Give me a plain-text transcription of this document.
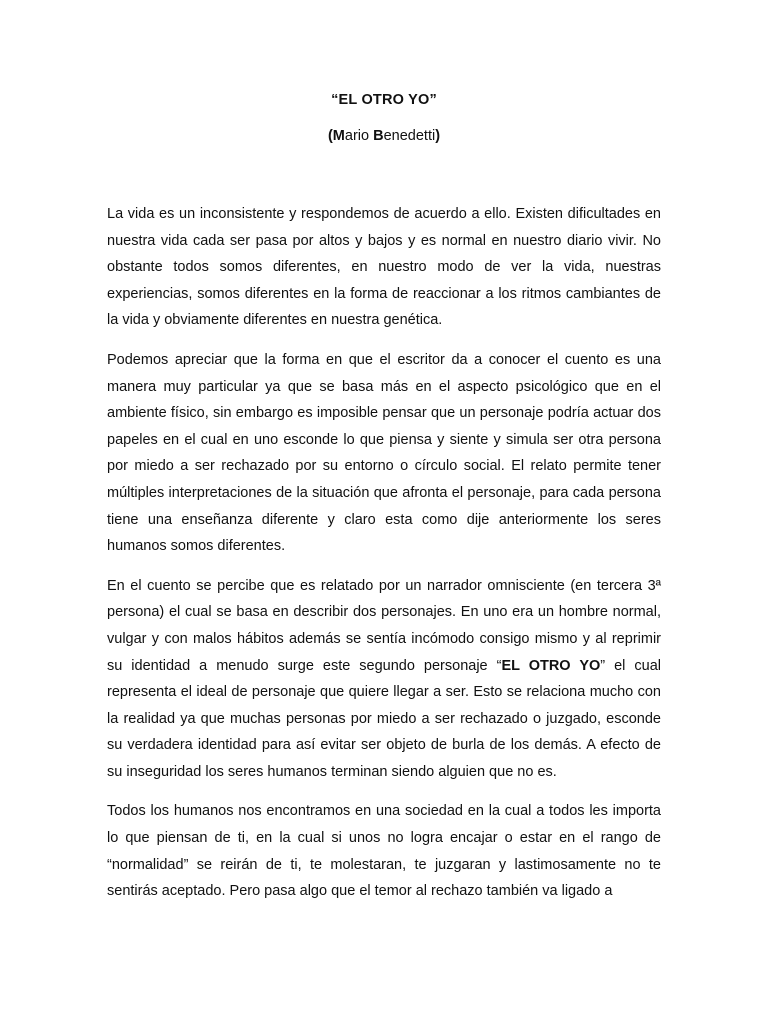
“EL OTRO YO”
(Mario Benedetti)

La vida es un inconsistente y respondemos de acuerdo a ello. Existen dificultades en nuestra vida cada ser pasa por altos y bajos y es normal en nuestro diario vivir. No obstante todos somos diferentes, en nuestro modo de ver la vida, nuestras experiencias, somos diferentes en la forma de reaccionar a los ritmos cambiantes de la vida y obviamente diferentes en nuestra genética.

Podemos apreciar que la forma en que el escritor da a conocer el cuento es una manera muy particular ya que se basa más en el aspecto psicológico que en el ambiente físico, sin embargo es imposible pensar que un personaje podría actuar dos papeles en el cual en uno esconde lo que piensa y siente y simula ser otra persona por miedo a ser rechazado por su entorno o círculo social. El relato permite tener múltiples interpretaciones de la situación que afronta el personaje, para cada persona tiene una enseñanza diferente y claro esta como dije anteriormente los seres humanos somos diferentes.

En el cuento se percibe que es relatado por un narrador omnisciente (en tercera 3ª persona) el cual se basa en describir dos personajes. En uno era un hombre normal, vulgar y con malos hábitos además se sentía incómodo consigo mismo y al reprimir su identidad a menudo surge este segundo personaje “EL OTRO YO” el cual representa el ideal de personaje que quiere llegar a ser. Esto se relaciona mucho con la realidad ya que muchas personas por miedo a ser rechazado o juzgado, esconde su verdadera identidad para así evitar ser objeto de burla de los demás. A efecto de su inseguridad los seres humanos terminan siendo alguien que no es.

Todos los humanos nos encontramos en una sociedad en la cual a todos les importa lo que piensan de ti, en la cual si unos no logra encajar o estar en el rango de “normalidad” se reirán de ti, te molestaran, te juzgaran y lastimosamente no te sentirás aceptado. Pero pasa algo que el temor al rechazo también va ligado a
